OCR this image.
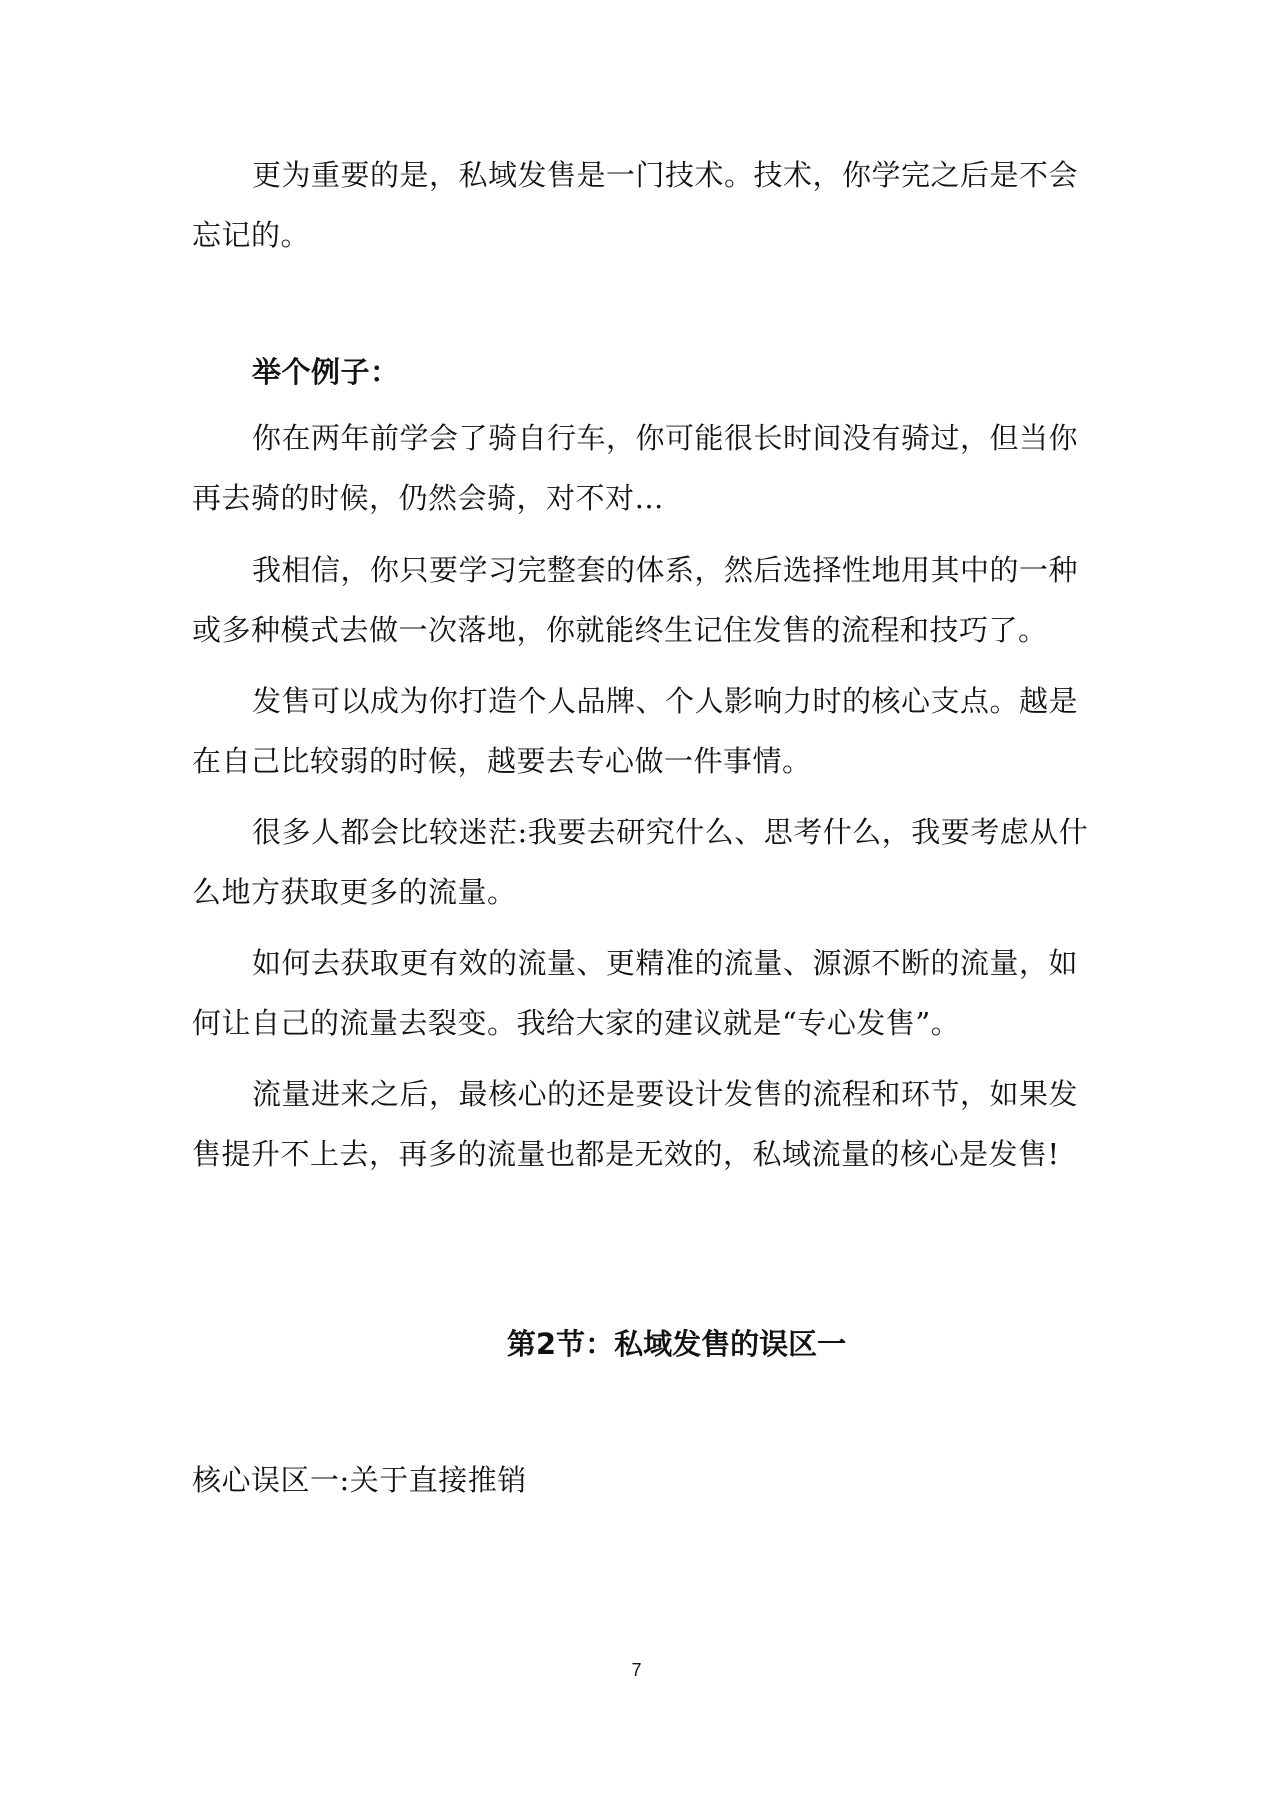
更为重要的是，私域发售是一门技术。技术，你学完之后是不会忘记的。

举个例子：

你在两年前学会了骑自行车，你可能很长时间没有骑过，但当你再去骑的时候，仍然会骑，对不对…

我相信，你只要学习完整套的体系，然后选择性地用其中的一种或多种模式去做一次落地，你就能终生记住发售的流程和技巧了。

发售可以成为你打造个人品牌、个人影响力时的核心支点。越是在自己比较弱的时候，越要去专心做一件事情。

很多人都会比较迷茫:我要去研究什么、思考什么，我要考虑从什么地方获取更多的流量。

如何去获取更有效的流量、更精准的流量、源源不断的流量，如何让自己的流量去裂变。我给大家的建议就是“专心发售”。

流量进来之后，最核心的还是要设计发售的流程和环节，如果发售提升不上去，再多的流量也都是无效的，私域流量的核心是发售!

第2节：私域发售的误区一

核心误区一:关于直接推销

7
